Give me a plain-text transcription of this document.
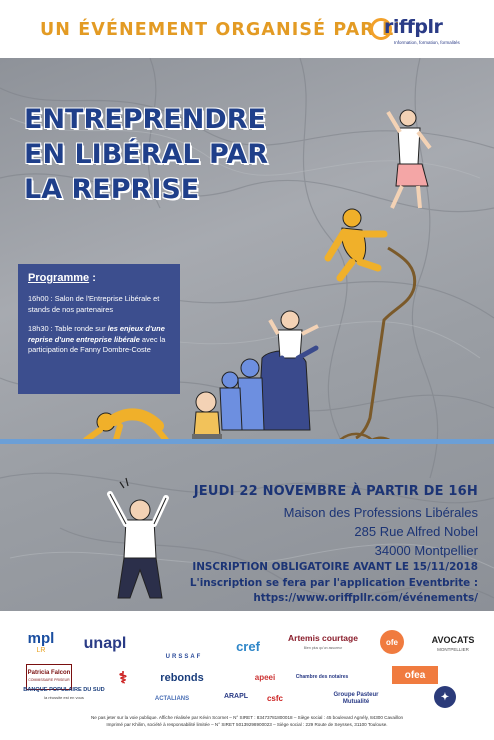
UN ÉVÉNEMENT ORGANISÉ PAR L'
riffplr
Information, formation, formalités
ENTREPRENDRE
EN LIBÉRAL PAR
LA REPRISE
Programme :
16h00 : Salon de l'Entreprise Libérale et stands de nos partenaires
18h30 : Table ronde sur les enjeux d'une reprise d'une entreprise libérale avec la participation de Fanny Dombre-Coste
JEUDI 22 NOVEMBRE À PARTIR DE 16H
Maison des Professions Libérales
285 Rue Alfred Nobel
34000 Montpellier
INSCRIPTION OBLIGATOIRE AVANT LE 15/11/2018
L'inscription se fera par l'application Eventbrite :
https://www.oriffpllr.com/événements/
mpl
LR	unapl
URSSAF
cref
Artemis courtage
Bien plus qu'un assureur
ofe	AVOCATS
MONTPELLIER
Patricia Falcon
COMMISSAIRE PRISEUR	⚕	rebonds	apeei	Chambre des notaires	ofea
BANQUE POPULAIRE DU SUD
la réussite est en vous	ACTALIANS	ARAPL	csfc	Groupe Pasteur Mutualité	✦
Ne pas jeter sur la voie publique. Affiche réalisée par Kévin Scornet – N° SIRET : 83473781800018 – Siège social : 45 boulevard Agnély, 84300 Cavaillon
Imprimé par Khilim, société à responsabilité limitée – N° SIRET 50139298900023 – Siège social : 229 Route de Seysses, 31100 Toulouse.
